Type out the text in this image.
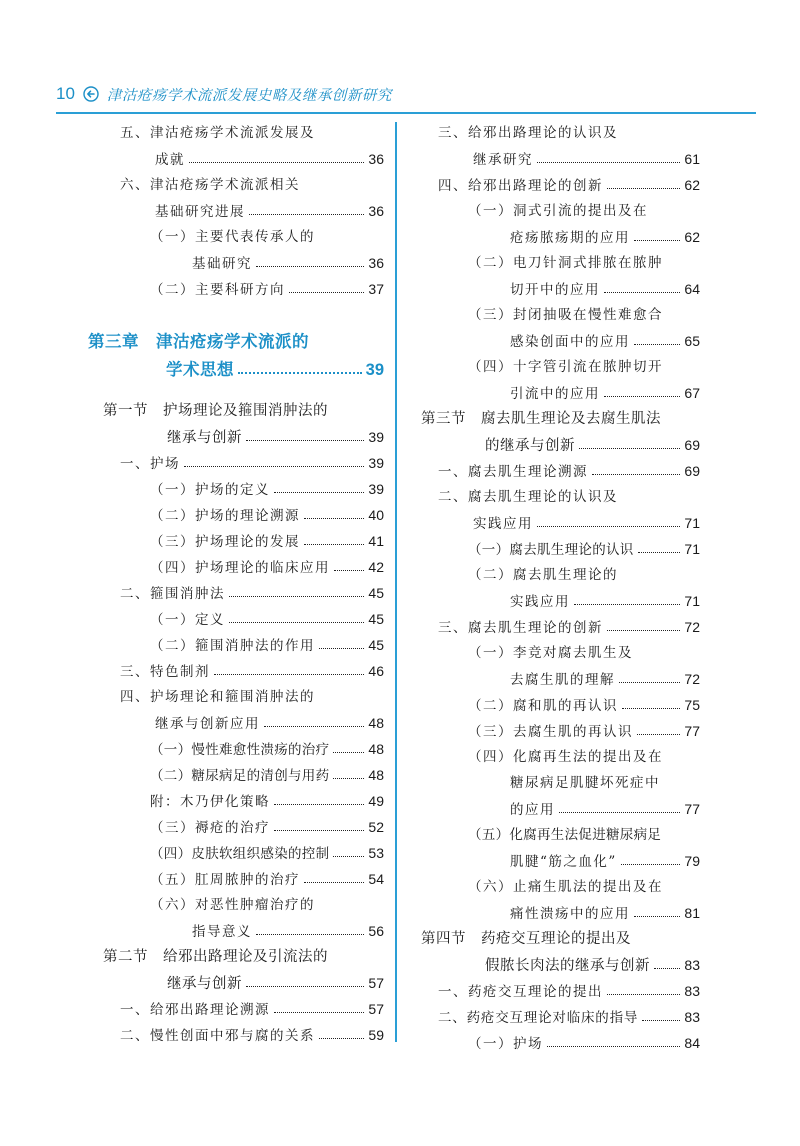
10 津沽疮疡学术流派发展史略及继承创新研究
五、津沽疮疡学术流派发展及
成就	36
六、津沽疮疡学术流派相关
基础研究进展	36
（一）主要代表传承人的
基础研究	36
（二）主要科研方向	37
第三章　津沽疮疡学术流派的
学术思想	39
第一节　护场理论及箍围消肿法的
继承与创新	39
一、护场	39
（一）护场的定义	39
（二）护场的理论溯源	40
（三）护场理论的发展	41
（四）护场理论的临床应用	42
二、箍围消肿法	45
（一）定义	45
（二）箍围消肿法的作用	45
三、特色制剂	46
四、护场理论和箍围消肿法的
继承与创新应用	48
（一）慢性难愈性溃疡的治疗	48
（二）糖尿病足的清创与用药	48
附：木乃伊化策略	49
（三）褥疮的治疗	52
（四）皮肤软组织感染的控制	53
（五）肛周脓肿的治疗	54
（六）对恶性肿瘤治疗的
指导意义	56
第二节　给邪出路理论及引流法的
继承与创新	57
一、给邪出路理论溯源	57
二、慢性创面中邪与腐的关系	59
三、给邪出路理论的认识及
继承研究	61
四、给邪出路理论的创新	62
（一）洞式引流的提出及在
疮疡脓疡期的应用	62
（二）电刀针洞式排脓在脓肿
切开中的应用	64
（三）封闭抽吸在慢性难愈合
感染创面中的应用	65
（四）十字管引流在脓肿切开
引流中的应用	67
第三节　腐去肌生理论及去腐生肌法
的继承与创新	69
一、腐去肌生理论溯源	69
二、腐去肌生理论的认识及
实践应用	71
（一）腐去肌生理论的认识	71
（二）腐去肌生理论的
实践应用	71
三、腐去肌生理论的创新	72
（一）李竞对腐去肌生及
去腐生肌的理解	72
（二）腐和肌的再认识	75
（三）去腐生肌的再认识	77
（四）化腐再生法的提出及在
糖尿病足肌腱坏死症中
的应用	77
（五）化腐再生法促进糖尿病足
肌腱“筋之血化”	79
（六）止痛生肌法的提出及在
痛性溃疡中的应用	81
第四节　药疮交互理论的提出及
假脓长肉法的继承与创新 83
一、药疮交互理论的提出	83
二、药疮交互理论对临床的指导	83
（一）护场	84
